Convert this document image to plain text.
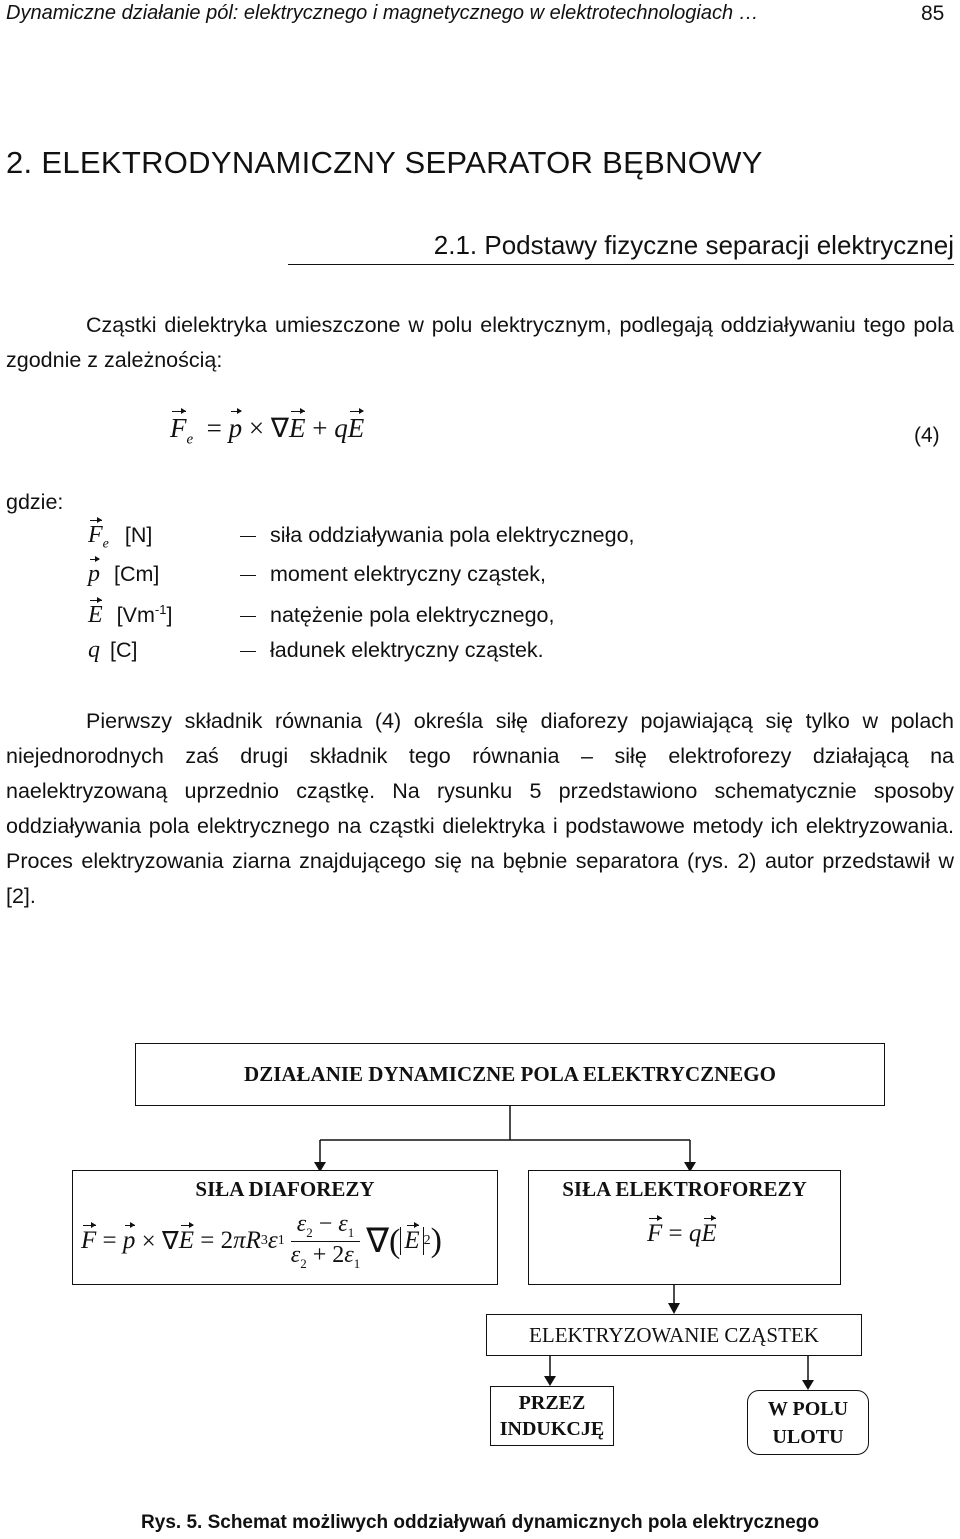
Dynamiczne działanie pól: elektrycznego i magnetycznego w elektrotechnologiach …	85
2. ELEKTRODYNAMICZNY SEPARATOR BĘBNOWY
2.1. Podstawy fizyczne separacji elektrycznej
Cząstki dielektryka umieszczone w polu elektrycznym, podlegają oddziaływaniu tego pola zgodnie z zależnością:
$F_e = p \times \nabla E$ + qE	(4)
gdzie:
$F_e$ [N]	siła oddziaływania pola elektrycznego,
p [Cm]	moment elektryczny cząstek,
E $[Vm^{-1}]$	natężenie pola elektrycznego,
q [C]	ładunek elektryczny cząstek.
Pierwszy składnik równania (4) określa siłę diaforezy pojawiającą się tylko w polach niejednorodnych zaś drugi składnik tego równania – siłę elektroforezy działającą na naelektryzowaną uprzednio cząstkę. Na rysunku 5 przedstawiono schematycznie sposoby oddziaływania pola elektrycznego na cząstki dielektryka i podstawowe metody ich elektryzowania. Proces elektryzowania ziarna znajdującego się na bębnie separatora (rys. 2) autor przedstawił w [2].
DZIAŁANIE DYNAMICZNE POLA ELEKTRYCZNEGO
SIŁA DIAFOREZY
F = p × ∇ E = 2 πR 3 ε 1
$\varepsilon_2 - \varepsilon_1$
$\varepsilon_2 + 2\varepsilon_1$
∇( E 2 )
SIŁA ELEKTROFOREZY
F = qE
ELEKTRYZOWANIE CZĄSTEK
PRZEZ INDUKCJĘ
W POLU ULOTU
Rys. 5. Schemat możliwych oddziaływań dynamicznych pola elektrycznego
